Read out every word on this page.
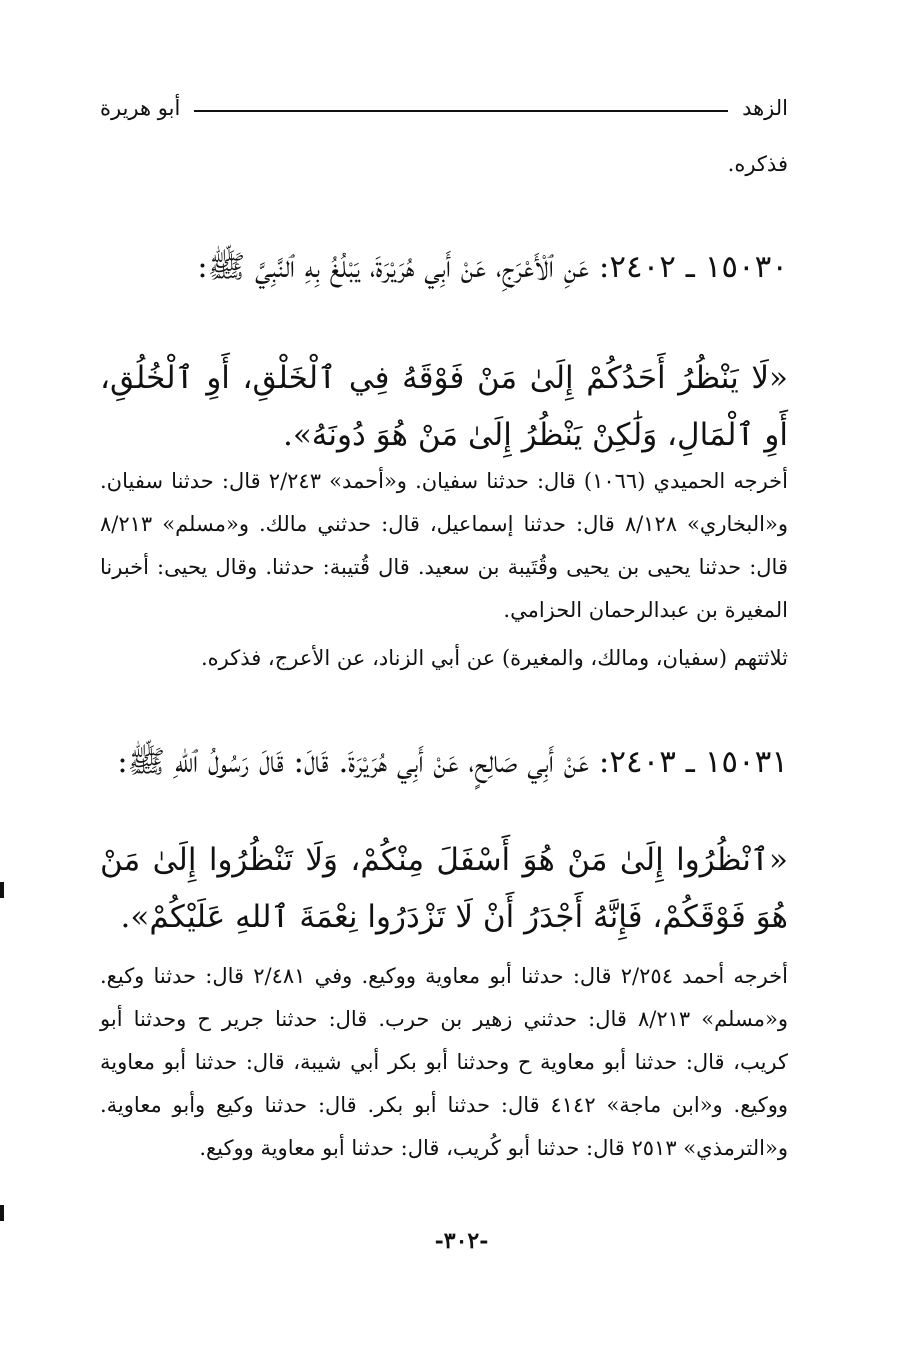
الزهد
أبو هريرة
فذكره.
١٥٠٣٠ ـ ٢٤٠٢: عَنِ ٱلْأَعْرَجِ، عَنْ أَبِي هُرَيْرَةَ، يَبْلُغُ بِهِ ٱلنَّبِيَّ ﷺ:
«لَا يَنْظُرُ أَحَدُكُمْ إِلَىٰ مَنْ فَوْقَهُ فِي ٱلْخَلْقِ، أَوِ ٱلْخُلُقِ، أَوِ ٱلْمَالِ، وَلَٰكِنْ يَنْظُرُ إِلَىٰ مَنْ هُوَ دُونَهُ».
أخرجه الحميدي (١٠٦٦) قال: حدثنا سفيان. و«أحمد» ٢/٢٤٣ قال: حدثنا سفيان. و«البخاري» ٨/١٢٨ قال: حدثنا إسماعيل، قال: حدثني مالك. و«مسلم» ٨/٢١٣ قال: حدثنا يحيى بن يحيى وقُتَيبة بن سعيد. قال قُتيبة: حدثنا. وقال يحيى: أخبرنا المغيرة بن عبدالرحمان الحزامي.
ثلاثتهم (سفيان، ومالك، والمغيرة) عن أبي الزناد، عن الأعرج، فذكره.
١٥٠٣١ ـ ٢٤٠٣: عَنْ أَبِي صَالِحٍ، عَنْ أَبِي هُرَيْرَةَ. قَالَ: قَالَ رَسُولُ ٱللهِ ﷺ:
«ٱنْظُرُوا إِلَىٰ مَنْ هُوَ أَسْفَلَ مِنْكُمْ، وَلَا تَنْظُرُوا إِلَىٰ مَنْ هُوَ فَوْقَكُمْ، فَإِنَّهُ أَجْدَرُ أَنْ لَا تَزْدَرُوا نِعْمَةَ ٱللهِ عَلَيْكُمْ».
أخرجه أحمد ٢/٢٥٤ قال: حدثنا أبو معاوية ووكيع. وفي ٢/٤٨١ قال: حدثنا وكيع. و«مسلم» ٨/٢١٣ قال: حدثني زهير بن حرب. قال: حدثنا جرير ح وحدثنا أبو كريب، قال: حدثنا أبو معاوية ح وحدثنا أبو بكر أبي شيبة، قال: حدثنا أبو معاوية ووكيع. و«ابن ماجة» ٤١٤٢ قال: حدثنا أبو بكر. قال: حدثنا وكيع وأبو معاوية. و«الترمذي» ٢٥١٣ قال: حدثنا أبو كُريب، قال: حدثنا أبو معاوية ووكيع.
-٣٠٢-
